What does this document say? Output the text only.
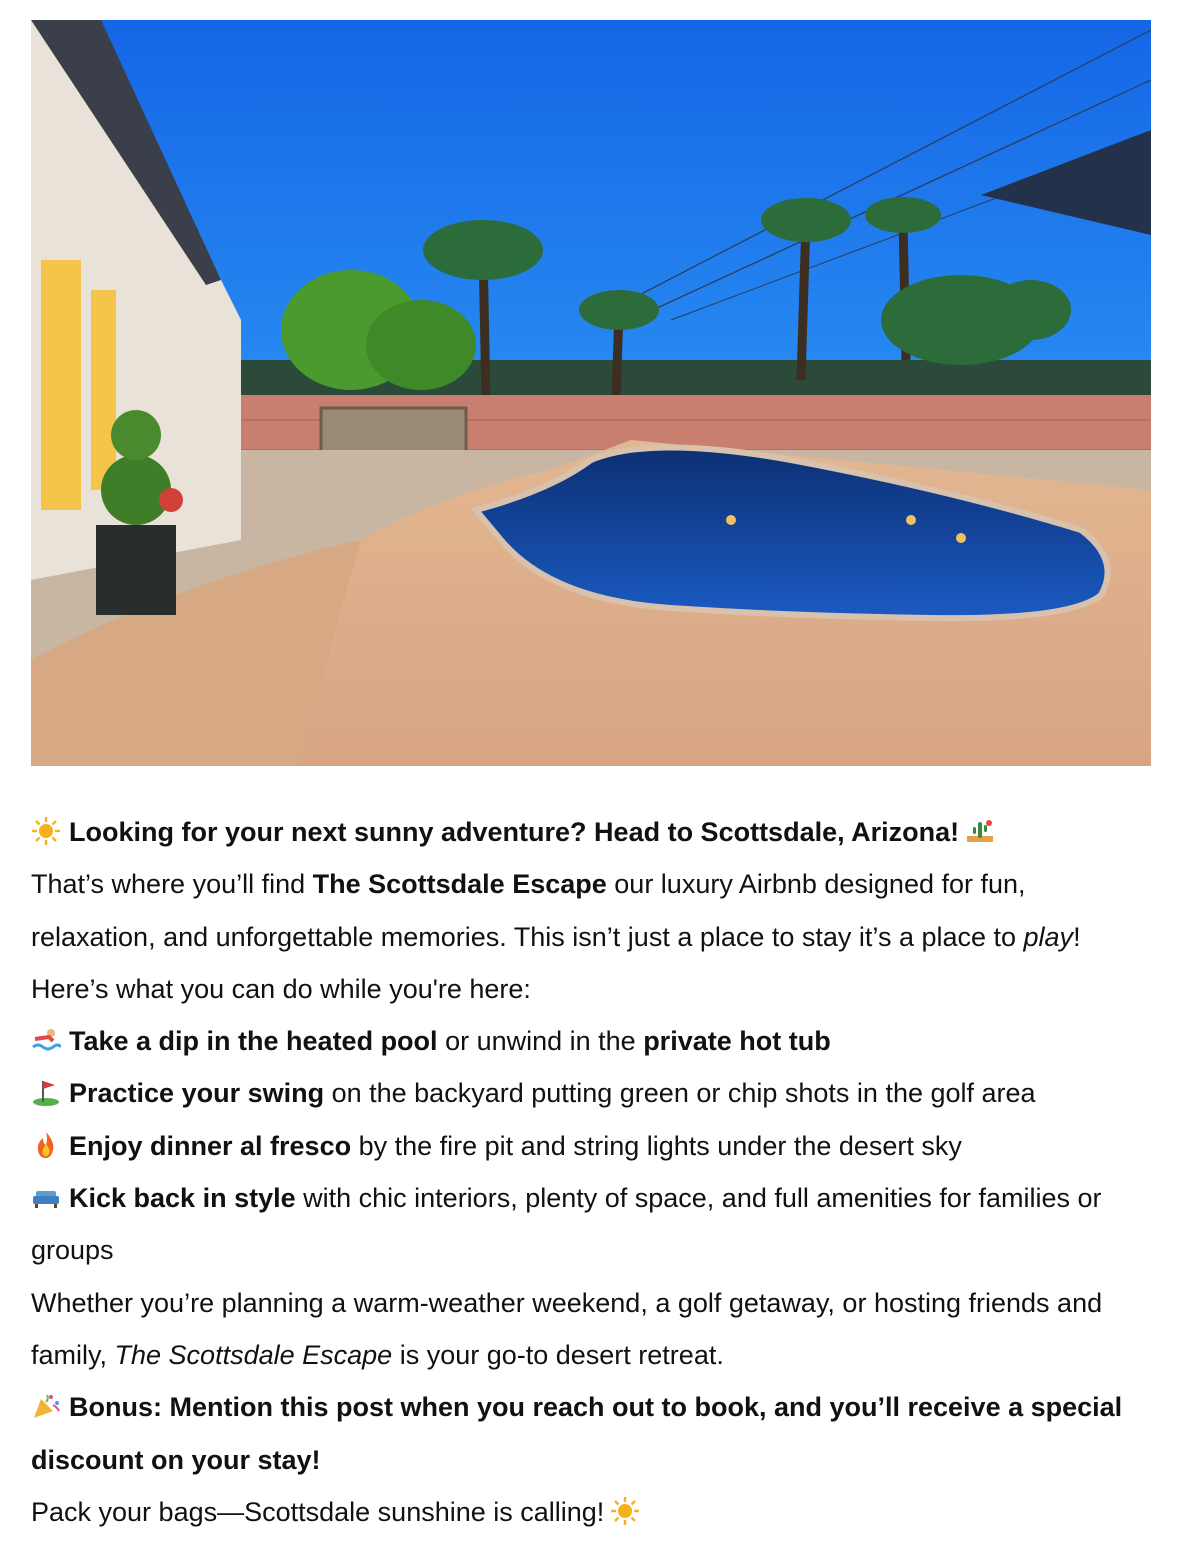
Looking for your next sunny adventure? Head to Scottsdale, Arizona!

That’s where you’ll find The Scottsdale Escape our luxury Airbnb designed for fun, relaxation, and unforgettable memories. This isn’t just a place to stay it’s a place to play! Here’s what you can do while you're here:

Take a dip in the heated pool or unwind in the private hot tub

Practice your swing on the backyard putting green or chip shots in the golf area

Enjoy dinner al fresco by the fire pit and string lights under the desert sky

Kick back in style with chic interiors, plenty of space, and full amenities for families or groups

Whether you’re planning a warm-weather weekend, a golf getaway, or hosting friends and family, The Scottsdale Escape is your go-to desert retreat.

Bonus: Mention this post when you reach out to book, and you’ll receive a special discount on your stay!

Pack your bags—Scottsdale sunshine is calling!
